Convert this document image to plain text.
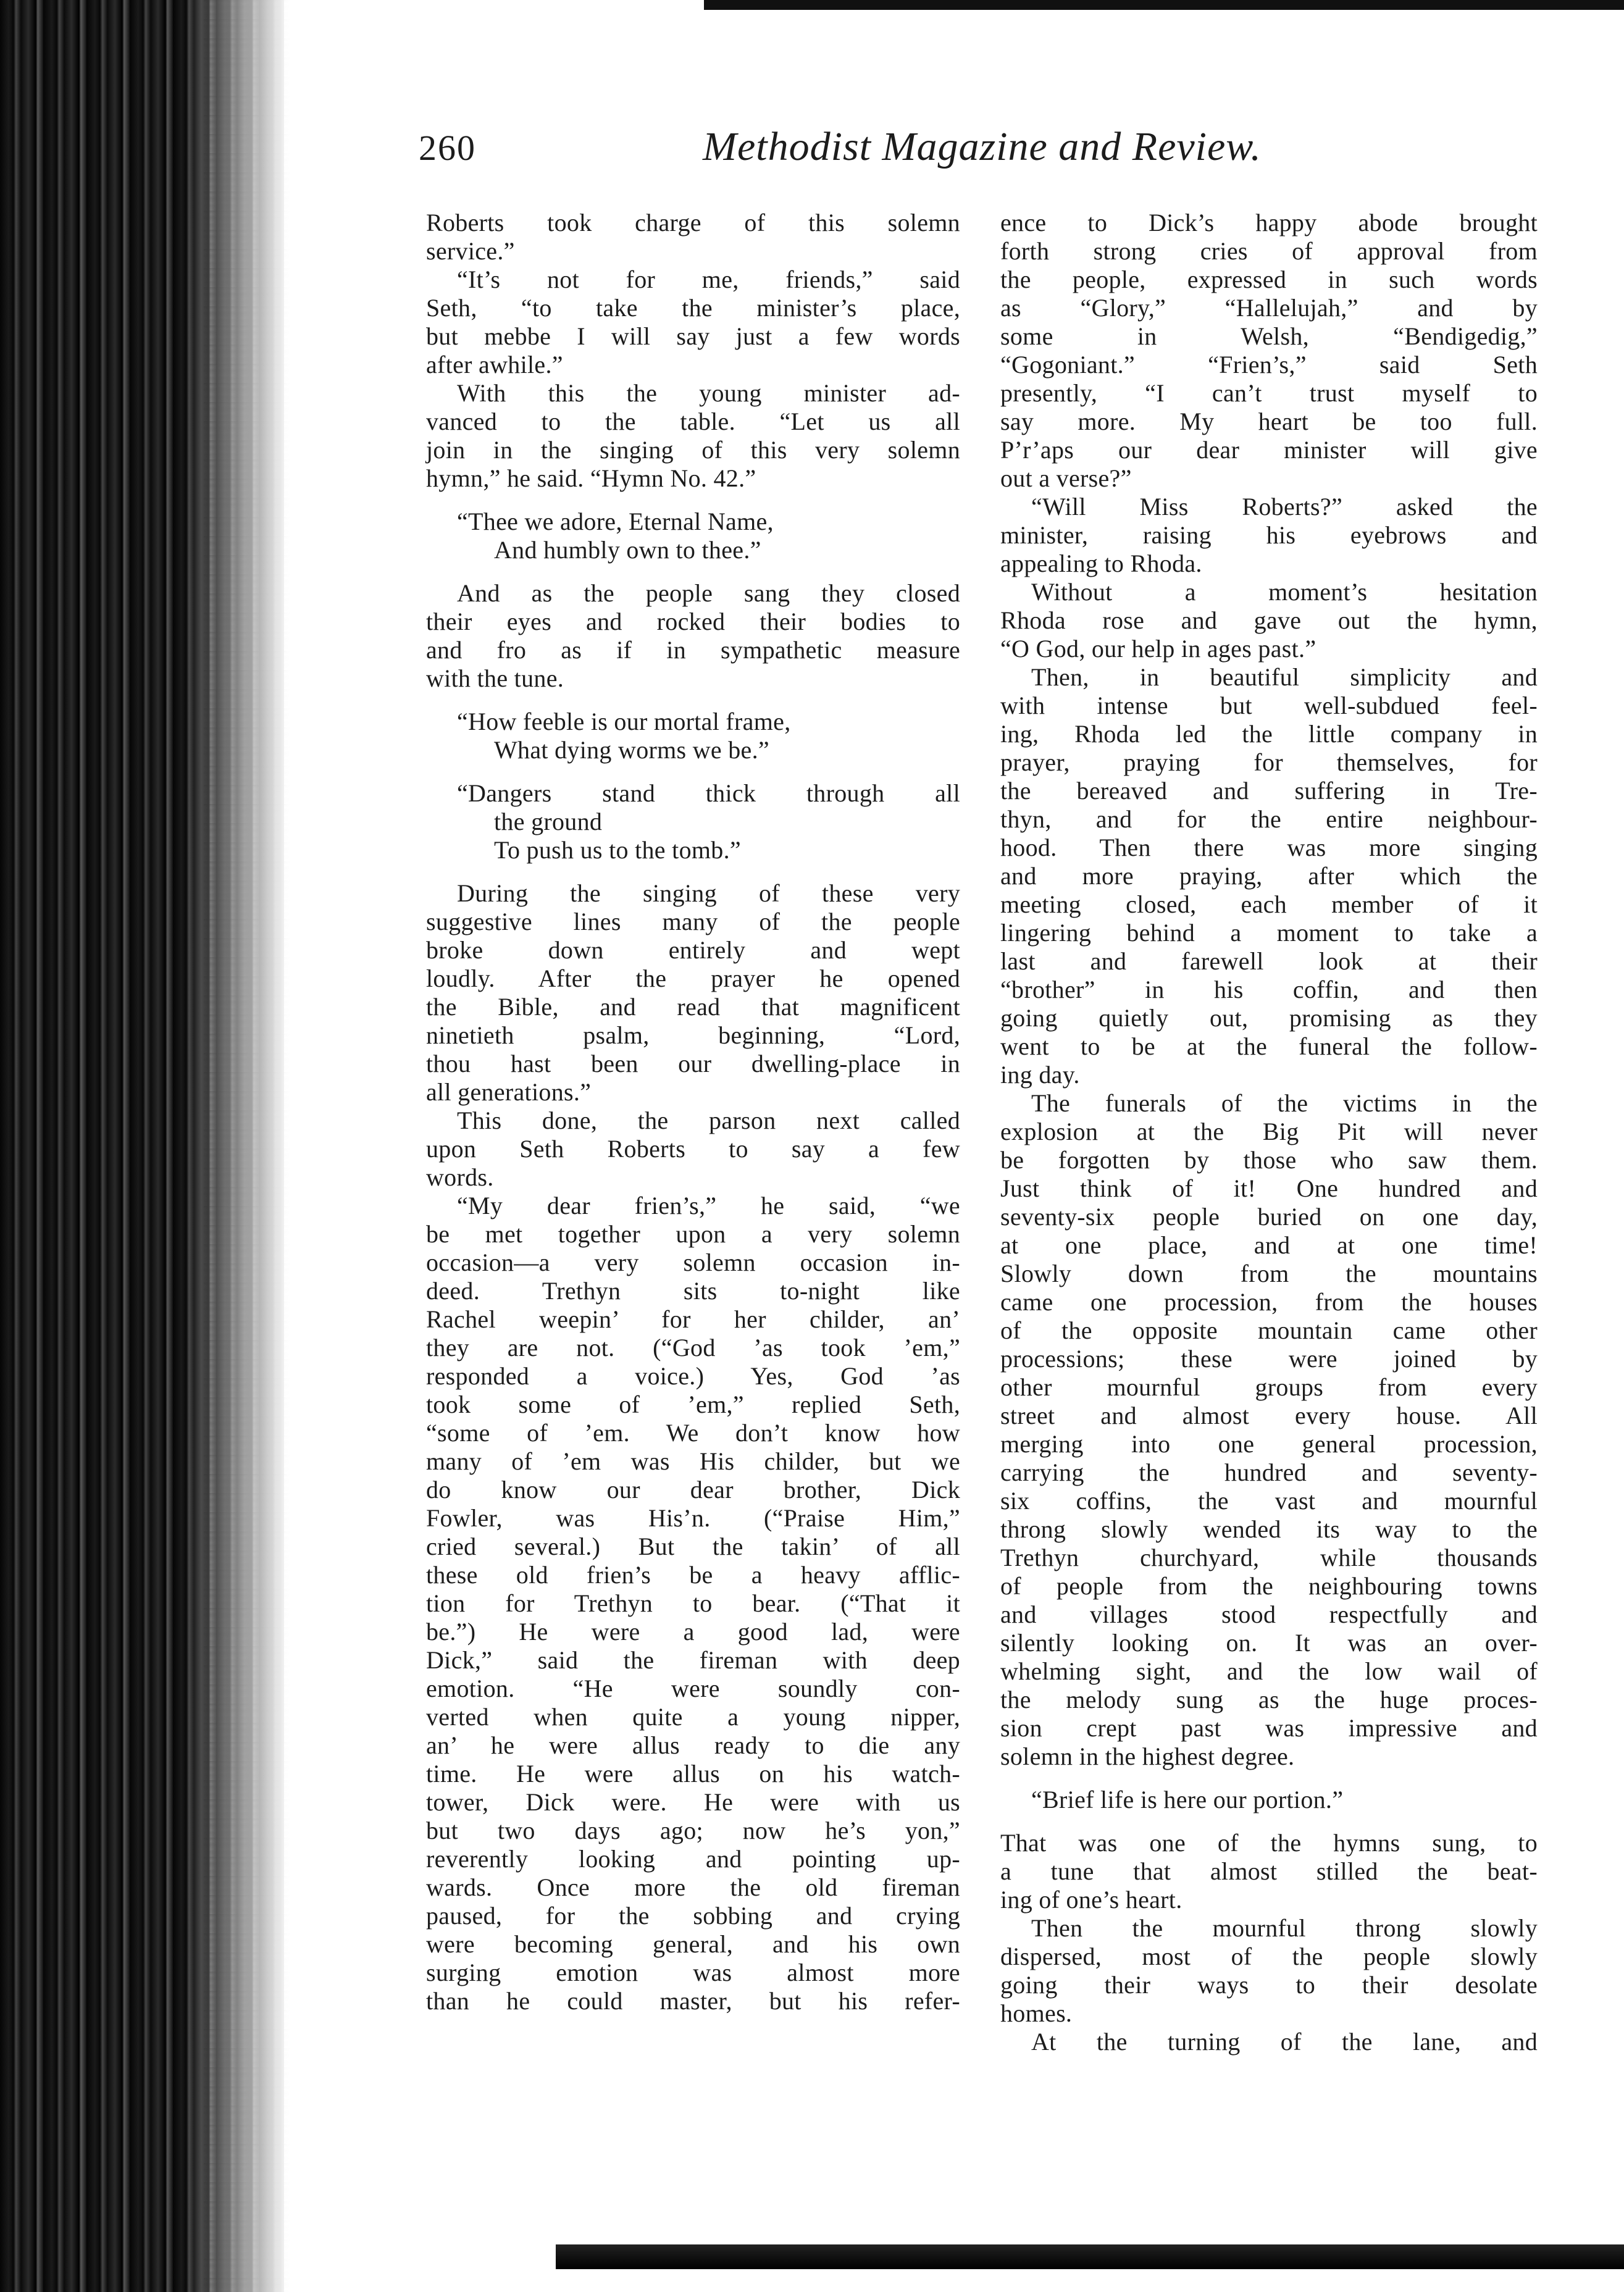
260	Methodist Magazine and Review.
Roberts took charge of this solemn
service.”
“It’s not for me, friends,” said
Seth, “to take the minister’s place,
but mebbe I will say just a few words
after awhile.”
With this the young minister ad-
vanced to the table. “Let us all
join in the singing of this very solemn
hymn,” he said. “Hymn No. 42.”
“Thee we adore, Eternal Name,
And humbly own to thee.”
And as the people sang they closed
their eyes and rocked their bodies to
and fro as if in sympathetic measure
with the tune.
“How feeble is our mortal frame,
What dying worms we be.”
“Dangers stand thick through all
the ground
To push us to the tomb.”
During the singing of these very
suggestive lines many of the people
broke down entirely and wept
loudly. After the prayer he opened
the Bible, and read that magnificent
ninetieth psalm, beginning, “Lord,
thou hast been our dwelling-place in
all generations.”
This done, the parson next called
upon Seth Roberts to say a few
words.
“My dear frien’s,” he said, “we
be met together upon a very solemn
occasion—a very solemn occasion in-
deed. Trethyn sits to-night like
Rachel weepin’ for her childer, an’
they are not. (“God ’as took ’em,”
responded a voice.) Yes, God ’as
took some of ’em,” replied Seth,
“some of ’em. We don’t know how
many of ’em was His childer, but we
do know our dear brother, Dick
Fowler, was His’n. (“Praise Him,”
cried several.) But the takin’ of all
these old frien’s be a heavy afflic-
tion for Trethyn to bear. (“That it
be.”) He were a good lad, were
Dick,” said the fireman with deep
emotion. “He were soundly con-
verted when quite a young nipper,
an’ he were allus ready to die any
time. He were allus on his watch-
tower, Dick were. He were with us
but two days ago; now he’s yon,”
reverently looking and pointing up-
wards. Once more the old fireman
paused, for the sobbing and crying
were becoming general, and his own
surging emotion was almost more
than he could master, but his refer-
ence to Dick’s happy abode brought
forth strong cries of approval from
the people, expressed in such words
as “Glory,” “Hallelujah,” and by
some in Welsh, “Bendigedig,”
“Gogoniant.” “Frien’s,” said Seth
presently, “I can’t trust myself to
say more. My heart be too full.
P’r’aps our dear minister will give
out a verse?”
“Will Miss Roberts?” asked the
minister, raising his eyebrows and
appealing to Rhoda.
Without a moment’s hesitation
Rhoda rose and gave out the hymn,
“O God, our help in ages past.”
Then, in beautiful simplicity and
with intense but well-subdued feel-
ing, Rhoda led the little company in
prayer, praying for themselves, for
the bereaved and suffering in Tre-
thyn, and for the entire neighbour-
hood. Then there was more singing
and more praying, after which the
meeting closed, each member of it
lingering behind a moment to take a
last and farewell look at their
“brother” in his coffin, and then
going quietly out, promising as they
went to be at the funeral the follow-
ing day.
The funerals of the victims in the
explosion at the Big Pit will never
be forgotten by those who saw them.
Just think of it! One hundred and
seventy-six people buried on one day,
at one place, and at one time!
Slowly down from the mountains
came one procession, from the houses
of the opposite mountain came other
processions; these were joined by
other mournful groups from every
street and almost every house. All
merging into one general procession,
carrying the hundred and seventy-
six coffins, the vast and mournful
throng slowly wended its way to the
Trethyn churchyard, while thousands
of people from the neighbouring towns
and villages stood respectfully and
silently looking on. It was an over-
whelming sight, and the low wail of
the melody sung as the huge proces-
sion crept past was impressive and
solemn in the highest degree.
“Brief life is here our portion.”
That was one of the hymns sung, to
a tune that almost stilled the beat-
ing of one’s heart.
Then the mournful throng slowly
dispersed, most of the people slowly
going their ways to their desolate
homes.
At the turning of the lane, and
